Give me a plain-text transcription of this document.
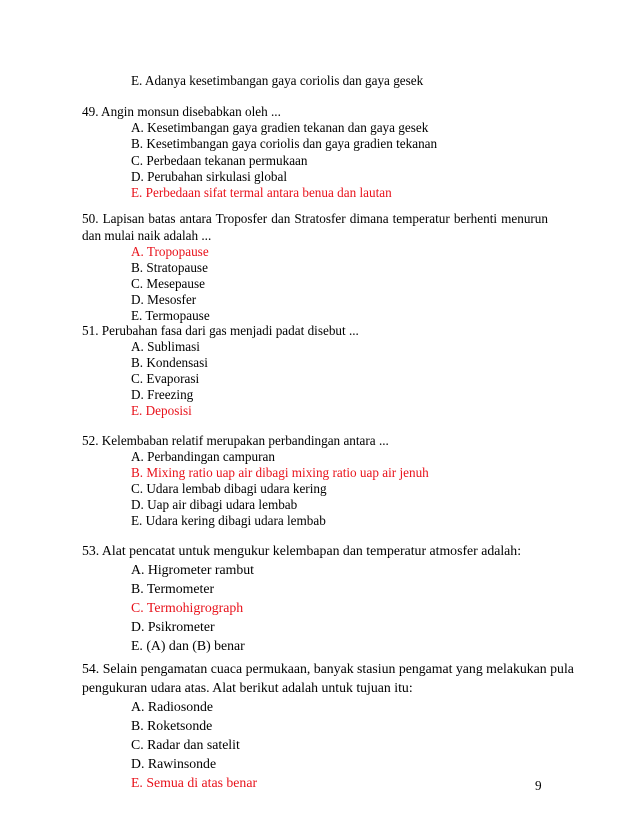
E. Adanya kesetimbangan gaya coriolis dan gaya gesek
49. Angin monsun disebabkan oleh ...
A. Kesetimbangan gaya gradien tekanan dan gaya gesek
B. Kesetimbangan gaya coriolis dan gaya gradien tekanan
C. Perbedaan tekanan permukaan
D. Perubahan sirkulasi global
E. Perbedaan sifat termal antara benua dan lautan
50. Lapisan batas antara Troposfer dan Stratosfer dimana temperatur berhenti menurun
dan mulai naik adalah ...
A. Tropopause
B. Stratopause
C. Mesepause
D. Mesosfer
E. Termopause
51. Perubahan fasa dari gas menjadi padat disebut ...
A. Sublimasi
B. Kondensasi
C. Evaporasi
D. Freezing
E. Deposisi
52. Kelembaban relatif merupakan perbandingan antara ...
A. Perbandingan campuran
B. Mixing ratio uap air dibagi mixing ratio uap air jenuh
C. Udara lembab dibagi udara kering
D. Uap air dibagi udara lembab
E. Udara kering dibagi udara lembab
53. Alat pencatat untuk mengukur kelembapan dan temperatur atmosfer adalah:
A. Higrometer rambut
B. Termometer
C. Termohigrograph
D. Psikrometer
E. (A) dan (B) benar
54. Selain pengamatan cuaca permukaan, banyak stasiun pengamat yang melakukan pula
pengukuran udara atas. Alat berikut adalah untuk tujuan itu:
A. Radiosonde
B. Roketsonde
C. Radar dan satelit
D. Rawinsonde
E. Semua di atas benar	9
